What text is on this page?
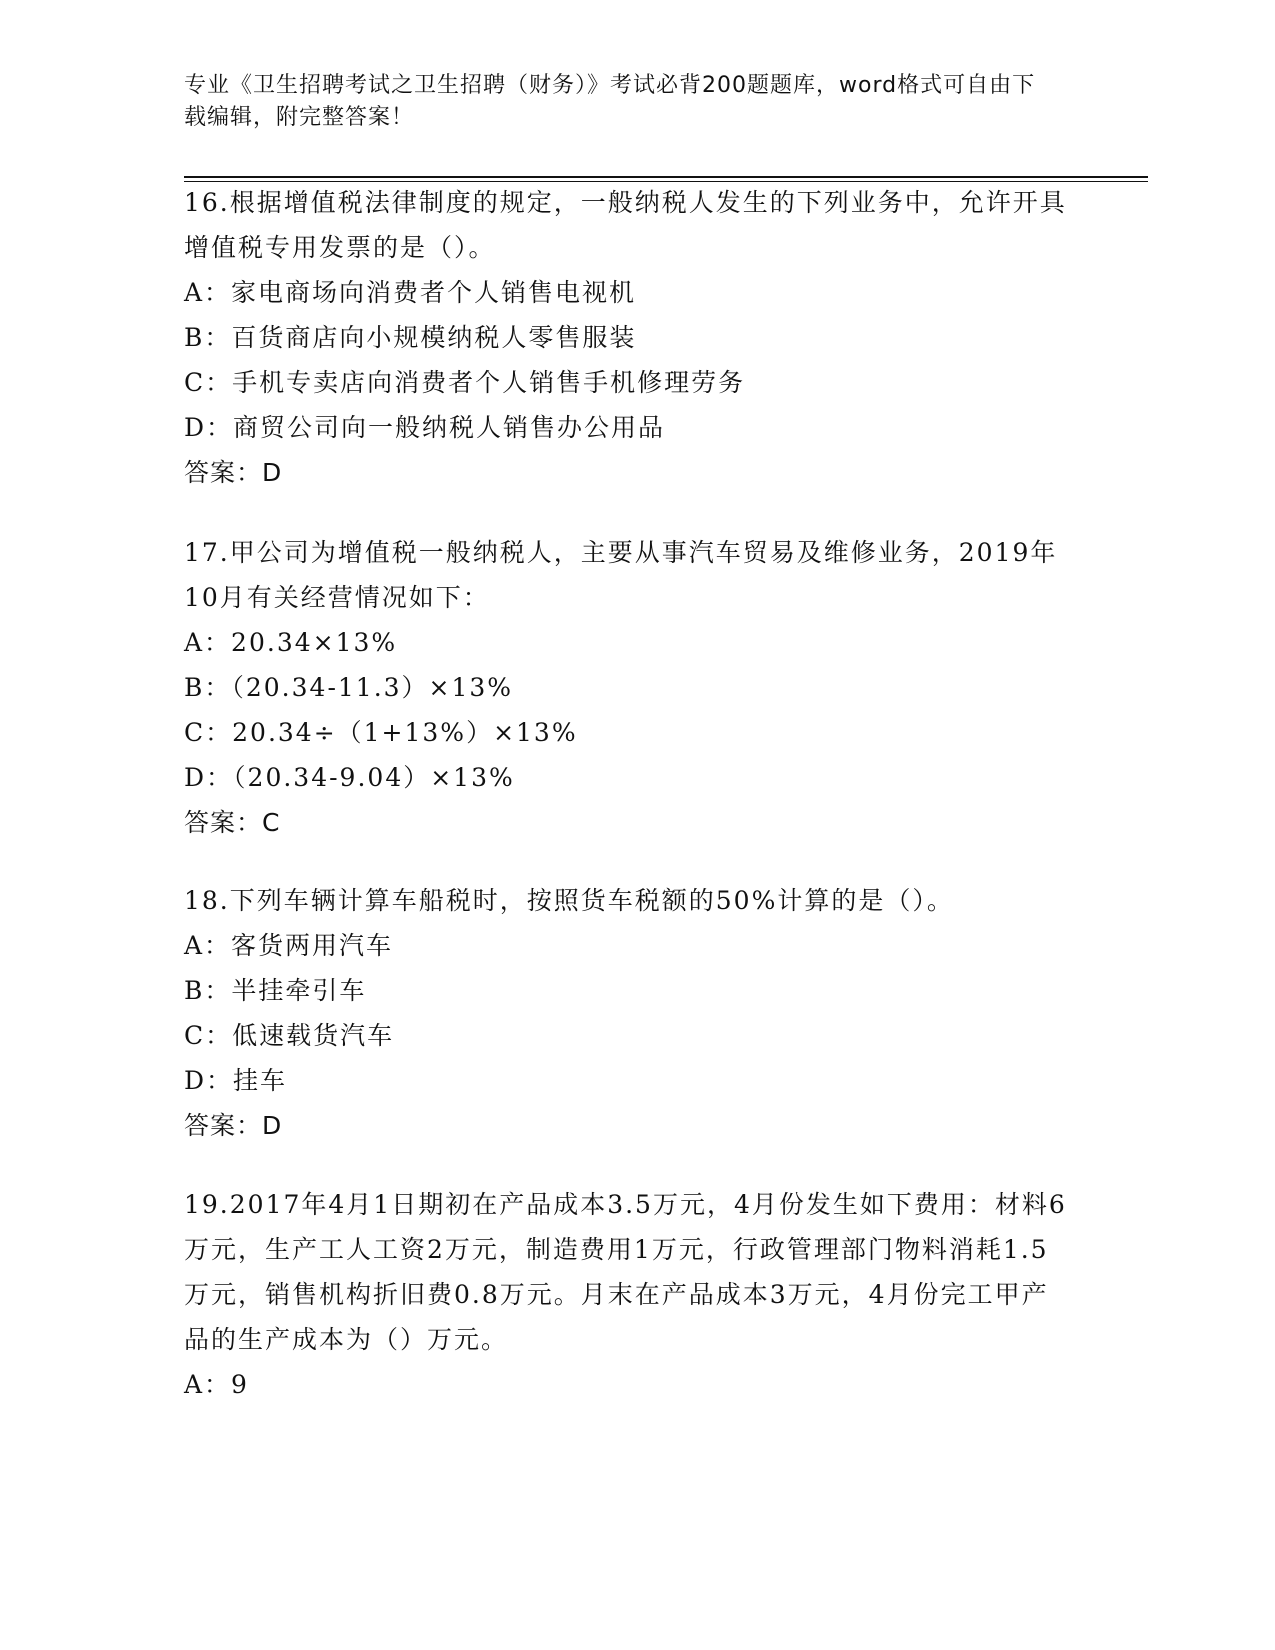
专业《卫生招聘考试之卫生招聘（财务）》考试必背200题题库，word格式可自由下载编辑，附完整答案！

16.根据增值税法律制度的规定，一般纳税人发生的下列业务中，允许开具增值税专用发票的是（）。

A：家电商场向消费者个人销售电视机

B：百货商店向小规模纳税人零售服装

C：手机专卖店向消费者个人销售手机修理劳务

D：商贸公司向一般纳税人销售办公用品

答案：D

17.甲公司为增值税一般纳税人，主要从事汽车贸易及维修业务，2019年10月有关经营情况如下：

A：20.34×13%

B：（20.34-11.3）×13%

C：20.34÷（1+13%）×13%

D：（20.34-9.04）×13%

答案：C

18.下列车辆计算车船税时，按照货车税额的50%计算的是（）。

A：客货两用汽车

B：半挂牵引车

C：低速载货汽车

D：挂车

答案：D

19.2017年4月1日期初在产品成本3.5万元，4月份发生如下费用：材料6万元，生产工人工资2万元，制造费用1万元，行政管理部门物料消耗1.5万元，销售机构折旧费0.8万元。月末在产品成本3万元，4月份完工甲产品的生产成本为（）万元。

A：9
